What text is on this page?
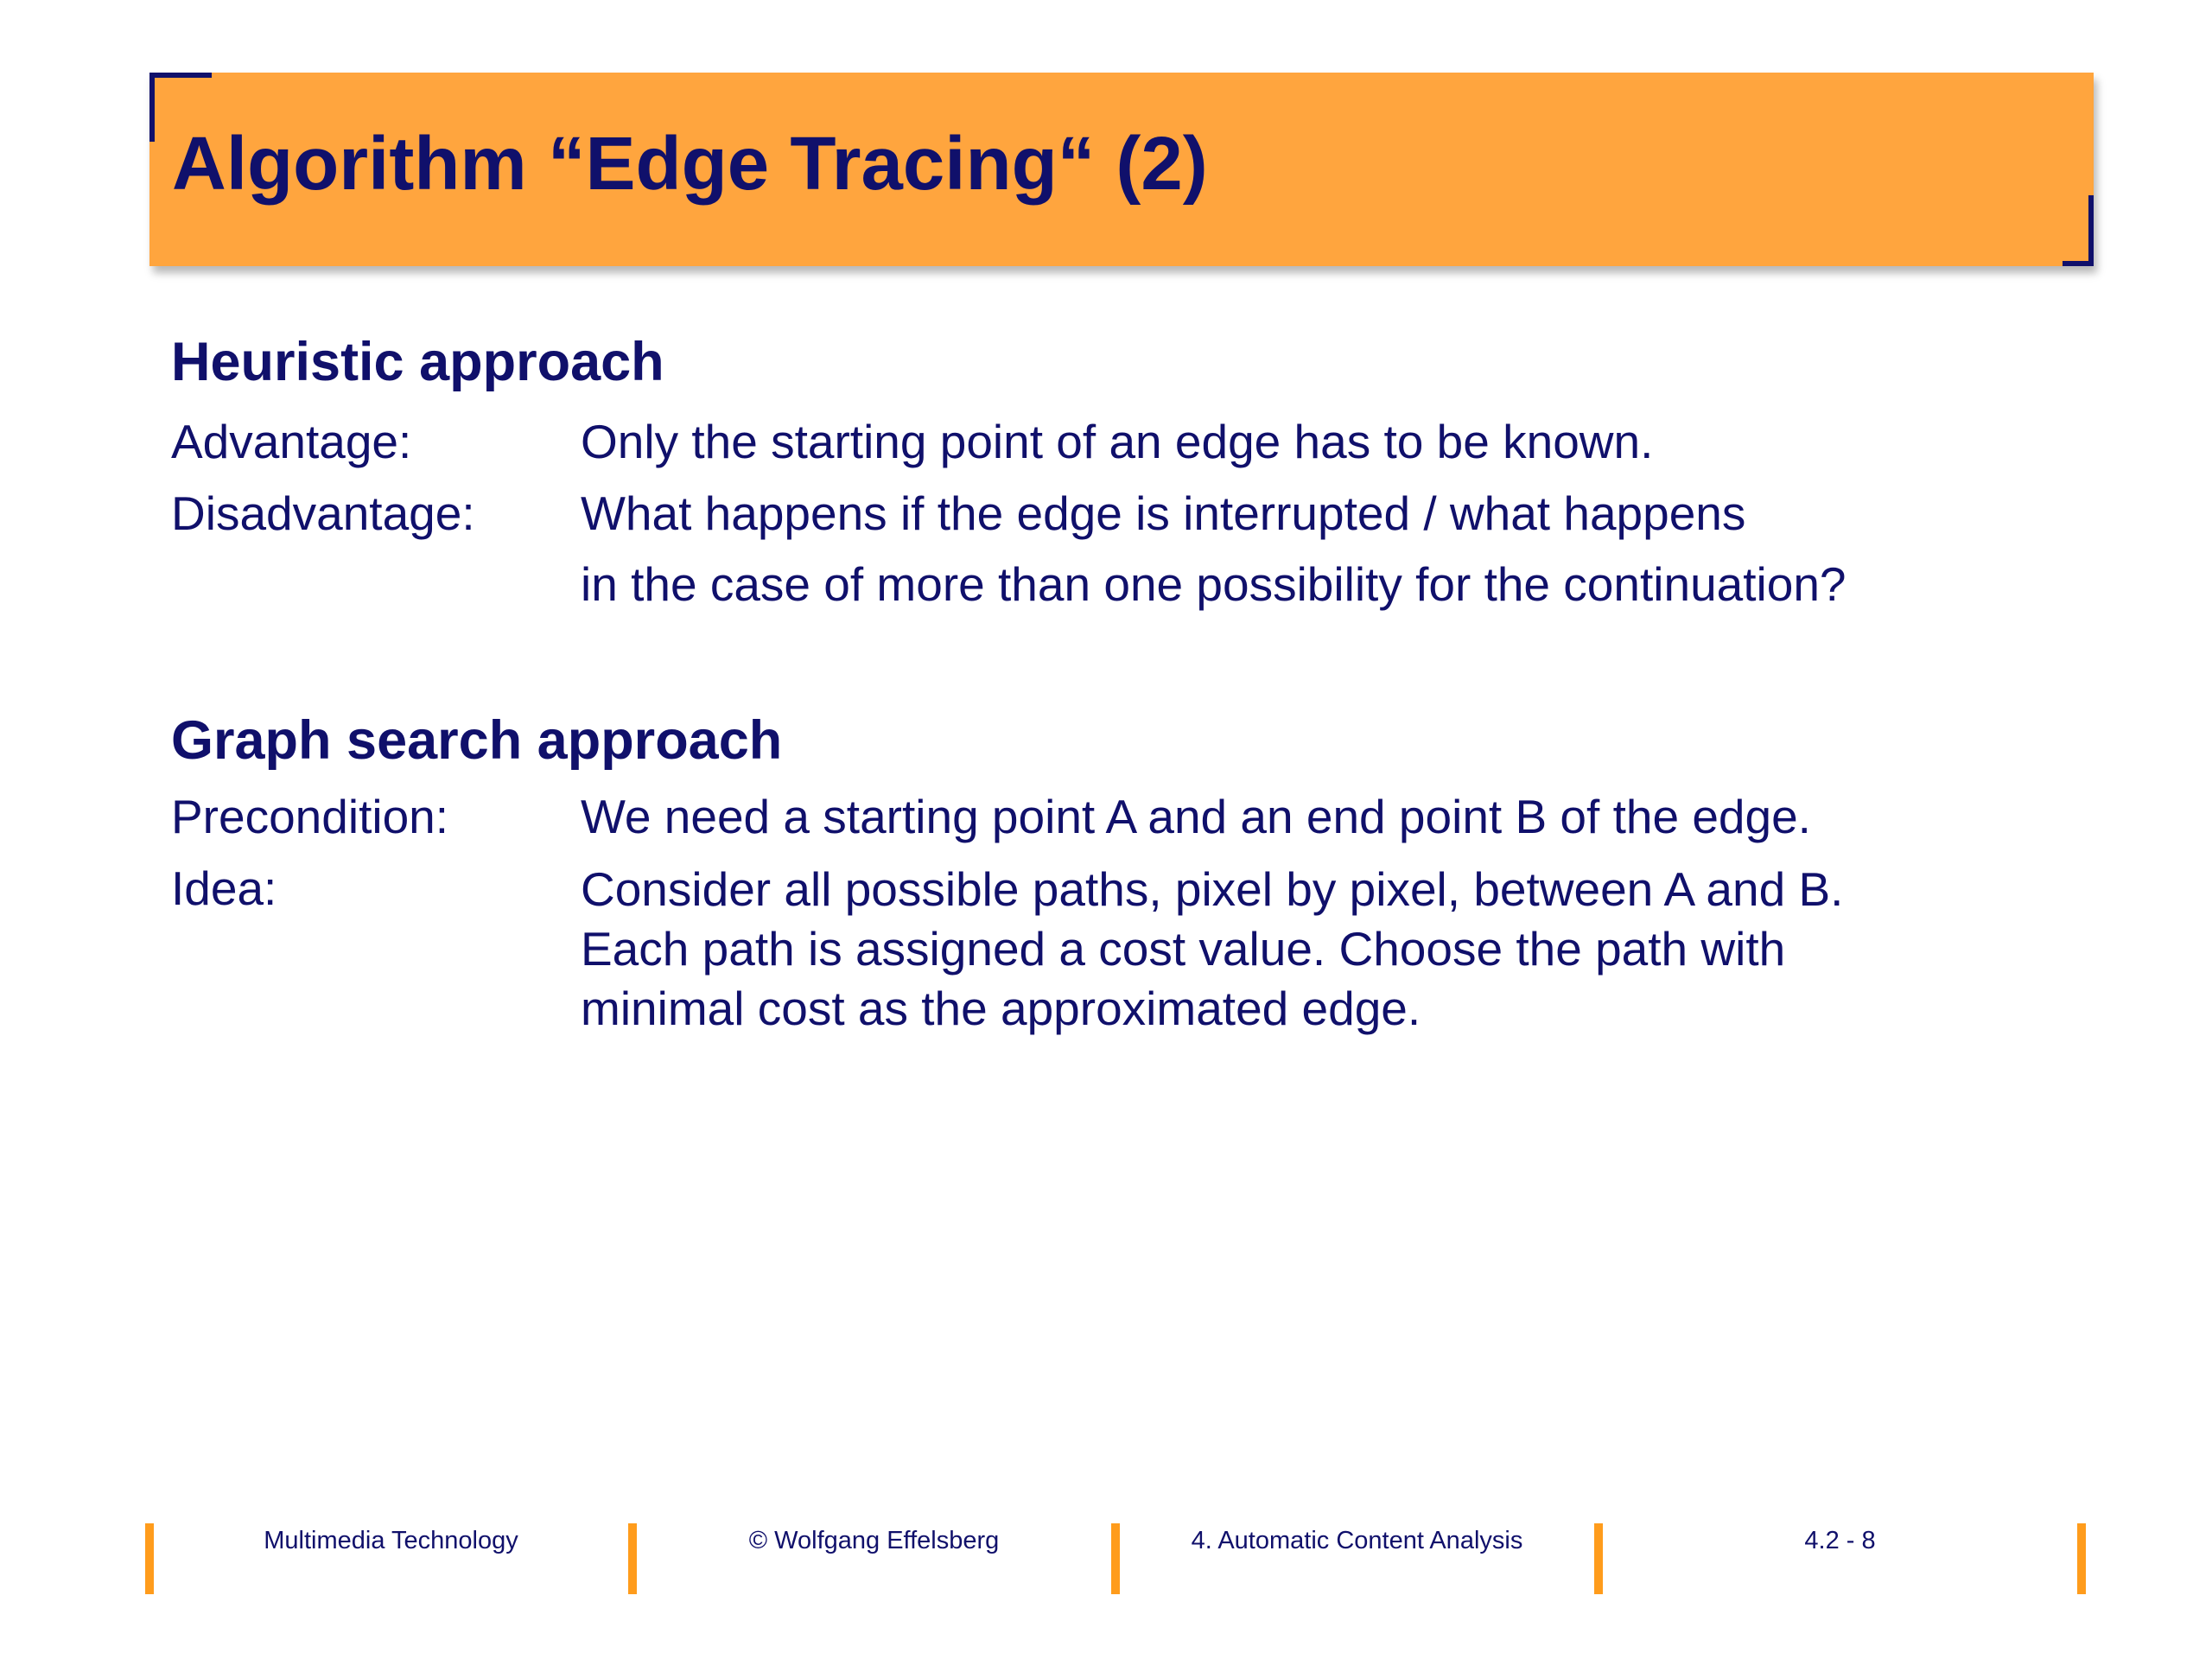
Algorithm “Edge Tracing“ (2)
Heuristic approach
Advantage:	Only the starting point of an edge has to be known.
Disadvantage: What happens if the edge is interrupted / what happens
in the case of more than one possibility for the continuation?
Graph search approach
Precondition:	We need a starting point A and an end point B of the edge.
Idea:	Consider all possible paths, pixel by pixel, between A and B.
Each path is assigned a cost value. Choose the path with
minimal cost as the approximated edge.
Multimedia Technology	© Wolfgang Effelsberg	4. Automatic Content Analysis	4.2 - 8
